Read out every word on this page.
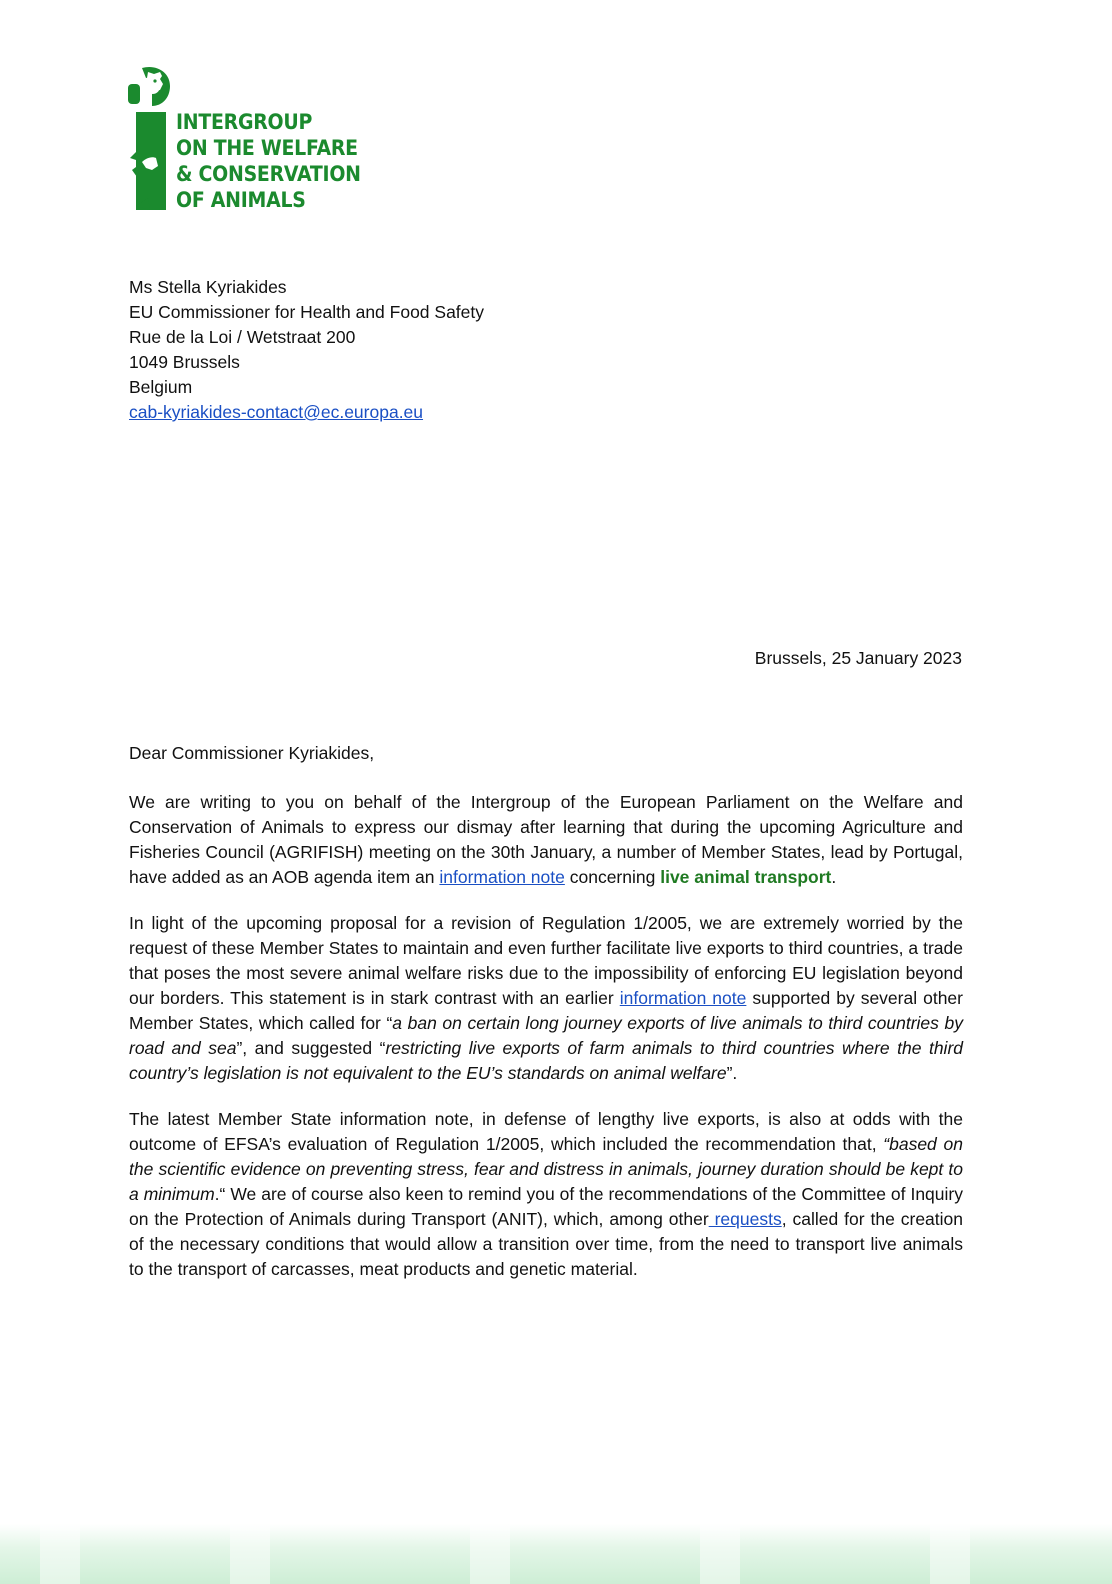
INTERGROUP
ON THE WELFARE
& CONSERVATION
OF ANIMALS

Ms Stella Kyriakides
EU Commissioner for Health and Food Safety
Rue de la Loi / Wetstraat 200
1049 Brussels
Belgium
cab-kyriakides-contact@ec.europa.eu
Brussels, 25 January 2023
Dear Commissioner Kyriakides,

We are writing to you on behalf of the Intergroup of the European Parliament on the Welfare and Conservation of Animals to express our dismay after learning that during the upcoming Agriculture and Fisheries Council (AGRIFISH) meeting on the 30th January, a number of Member States, lead by Portugal, have added as an AOB agenda item an information note concerning live animal transport.

In light of the upcoming proposal for a revision of Regulation 1/2005, we are extremely worried by the request of these Member States to maintain and even further facilitate live exports to third countries, a trade that poses the most severe animal welfare risks due to the impossibility of enforcing EU legislation beyond our borders. This statement is in stark contrast with an earlier information note supported by several other Member States, which called for “a ban on certain long journey exports of live animals to third countries by road and sea”, and suggested “restricting live exports of farm animals to third countries where the third country’s legislation is not equivalent to the EU’s standards on animal welfare”.

The latest Member State information note, in defense of lengthy live exports, is also at odds with the outcome of EFSA’s evaluation of Regulation 1/2005, which included the recommendation that, “based on the scientific evidence on preventing stress, fear and distress in animals, journey duration should be kept to a minimum.“ We are of course also keen to remind you of the recommendations of the Committee of Inquiry on the Protection of Animals during Transport (ANIT), which, among other requests, called for the creation of the necessary conditions that would allow a transition over time, from the need to transport live animals to the transport of carcasses, meat products and genetic material.
